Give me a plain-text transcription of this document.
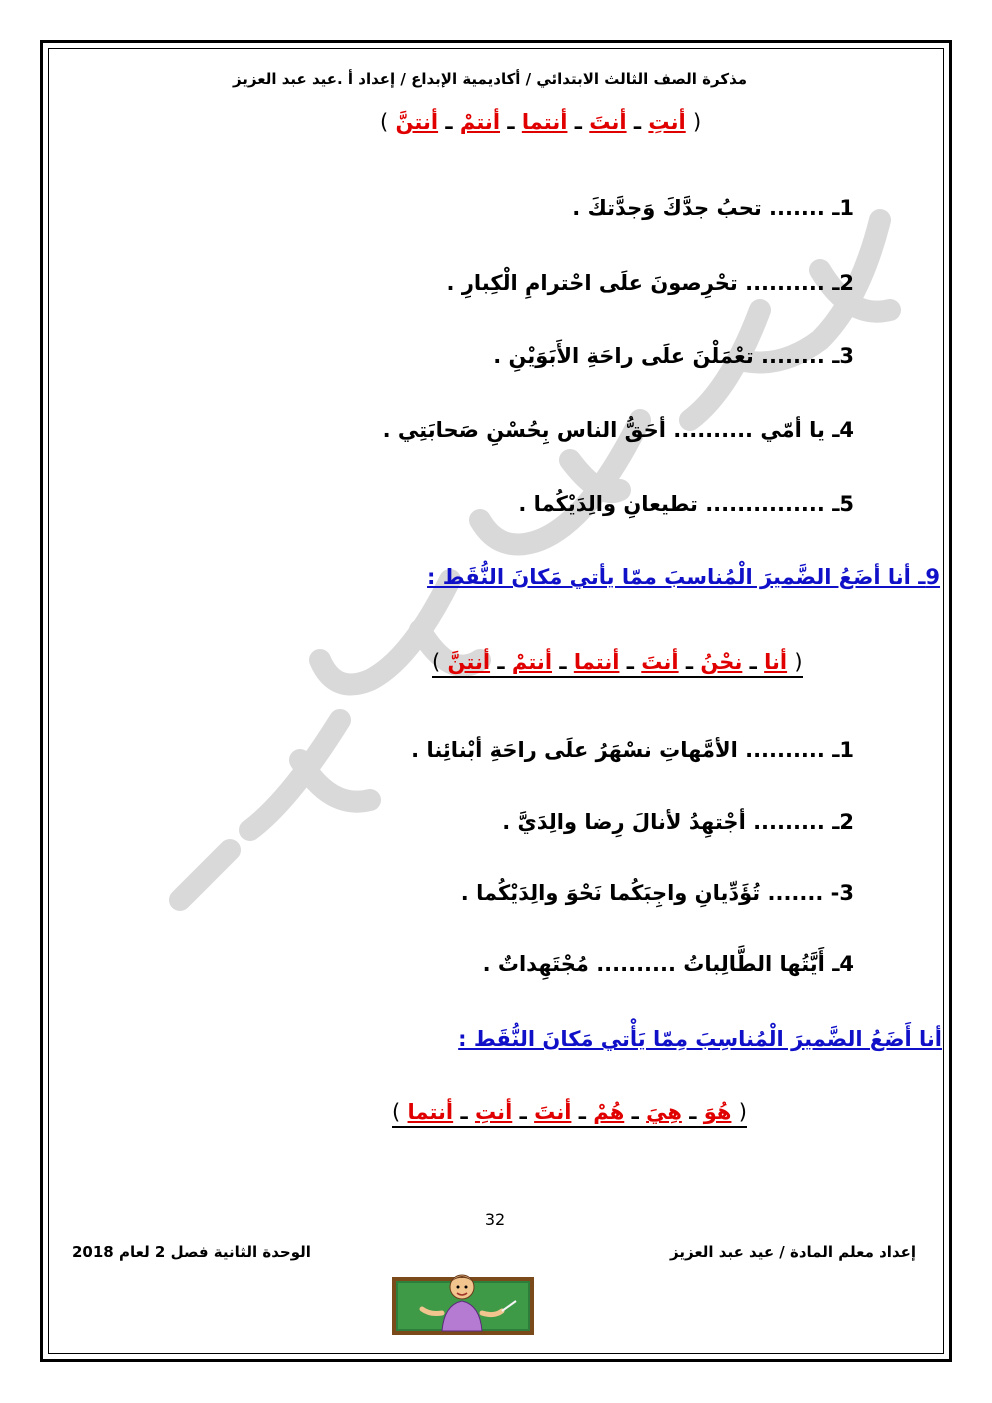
مذكرة الصف الثالث الابتدائي / أكاديمية الإبداع / إعداد أ .عيد عبد العزيز
( أنتِ ـ أنتَ ـ أنتما ـ أنتمْ ـ أنتنَّ )
1ـ ....... تحبُ جدَّكَ وَجدَّتكَ .
2ـ .......... تحْرِصونَ علَى احْترامِ الْكِبارِ .
3ـ ........ تعْمَلْنَ علَى راحَةِ الأَبَوَيْنِ .
4ـ يا أمّي .......... أحَقُّ الناس بِحُسْنِ صَحابَتِي .
5ـ ............... تطيعانِ والِدَيْكُما .
9ـ أنا أضَعُ الضَّميرَ الْمُناسبَ ممّا يأتي مَكانَ النُّقَط :
( أنا ـ نحْنُ ـ أنتَ ـ أنتما ـ أنتمْ ـ أنتنَّ )
1ـ .......... الأمَّهاتِ نسْهَرُ علَى راحَةِ أبْنائِنا .
2ـ ......... أجْتهِدُ لأنالَ رِضا والِدَيَّ .
3- ....... تُؤَدِّيانِ واجِبَكُما نَحْوَ والِدَيْكُما .
4ـ أَيَّتُها الطَّالِباتُ .......... مُجْتَهِداتٌ .
أنا أَضَعُ الضَّميرَ الْمُناسِبَ مِمّا يَأْتي مَكانَ النُّقَط :
( هُوَ ـ هِيَ ـ هُمْ ـ أنتَ ـ أنتِ ـ أنتما )
32
إعداد معلم المادة / عيد عبد العزيز
الوحدة الثانية فصل 2 لعام 2018
